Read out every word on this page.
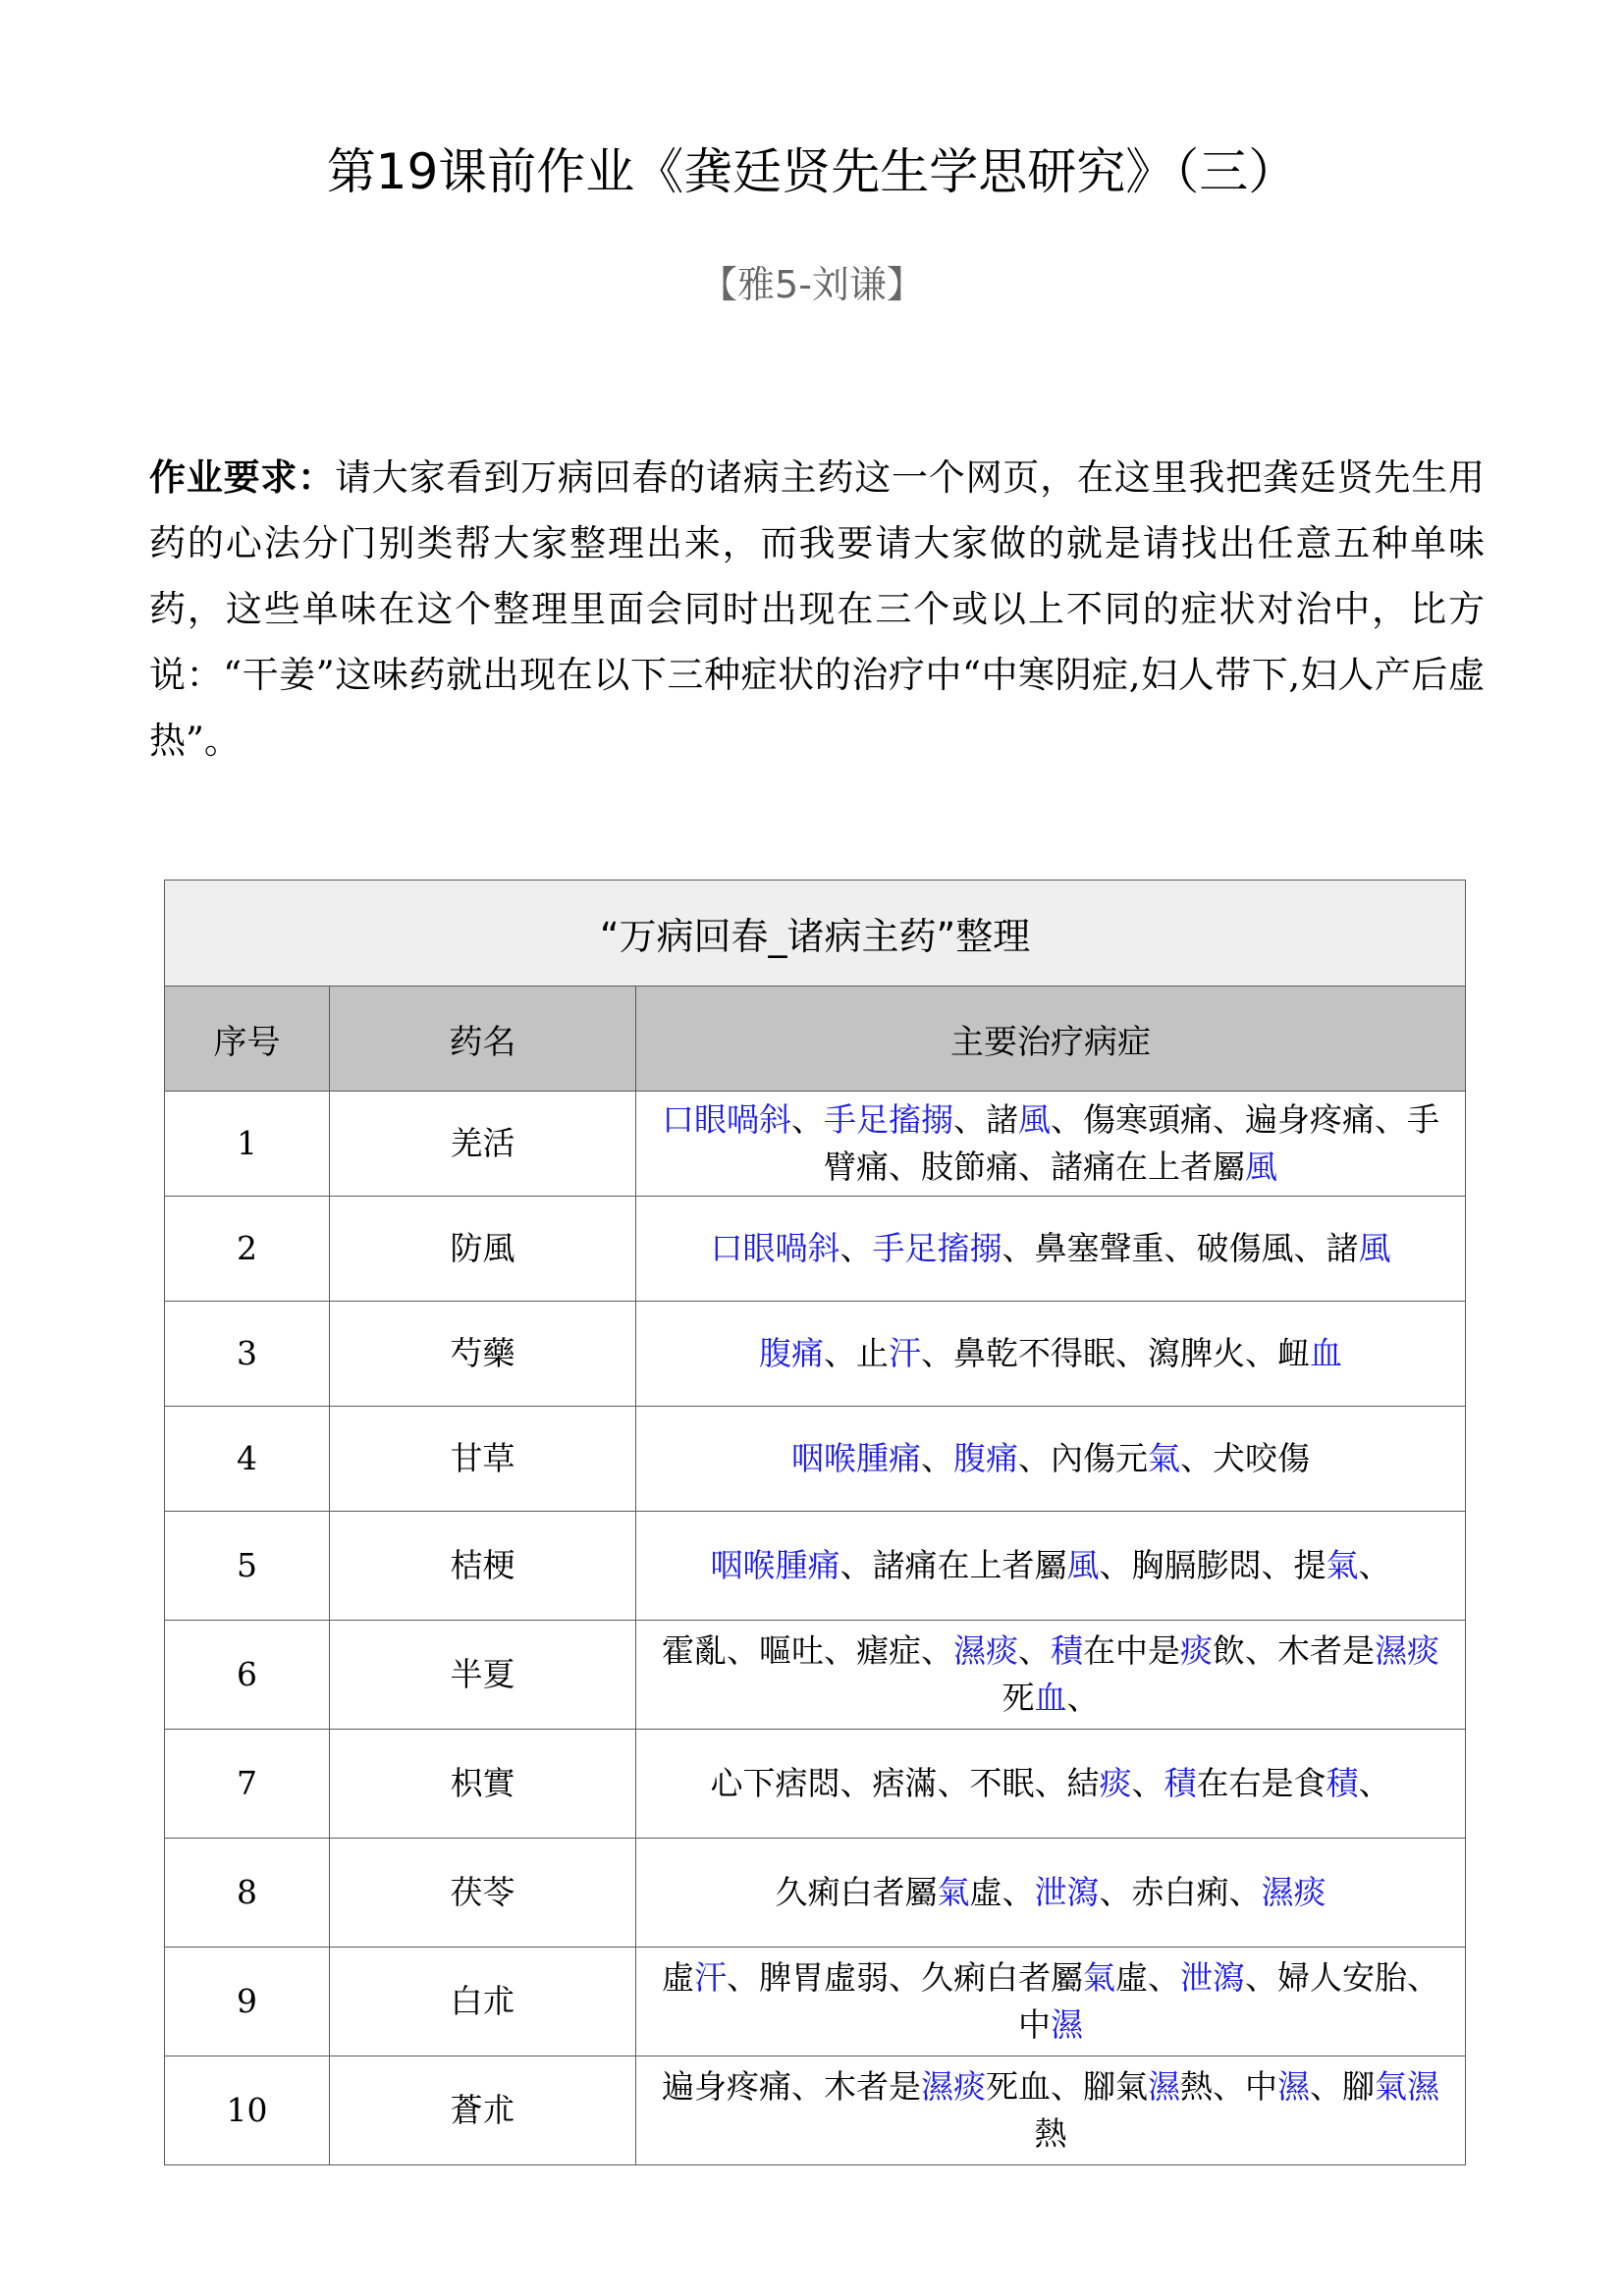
第19课前作业《龚廷贤先生学思研究》（三）
【雅5-刘谦】
作业要求：请大家看到万病回春的诸病主药这一个网页，在这里我把龚廷贤先生用药的心法分门别类帮大家整理出来，而我要请大家做的就是请找出任意五种单味药，这些单味在这个整理里面会同时出现在三个或以上不同的症状对治中，比方说：“干姜”这味药就出现在以下三种症状的治疗中“中寒阴症,妇人带下,妇人产后虚热”。
“万病回春_诸病主药”整理		
序号	药名	主要治疗病症
1	羌活	口眼喎斜、手足搐搦、諸風、傷寒頭痛、遍身疼痛、手臂痛、肢節痛、諸痛在上者屬風
2	防風	口眼喎斜、手足搐搦、鼻塞聲重、破傷風、諸風
3	芍藥	腹痛、止汗、鼻乾不得眠、瀉脾火、衄血
4	甘草	咽喉腫痛、腹痛、內傷元氣、犬咬傷
5	桔梗	咽喉腫痛、諸痛在上者屬風、胸膈膨悶、提氣、
6	半夏	霍亂、嘔吐、瘧症、濕痰、積在中是痰飲、木者是濕痰死血、
7	枳實	心下痞悶、痞滿、不眠、結痰、積在右是食積、
8	茯苓	久痢白者屬氣虛、泄瀉、赤白痢、濕痰
9	白朮	虛汗、脾胃虛弱、久痢白者屬氣虛、泄瀉、婦人安胎、中濕
10	蒼朮	遍身疼痛、木者是濕痰死血、腳氣濕熱、中濕、腳氣濕熱
